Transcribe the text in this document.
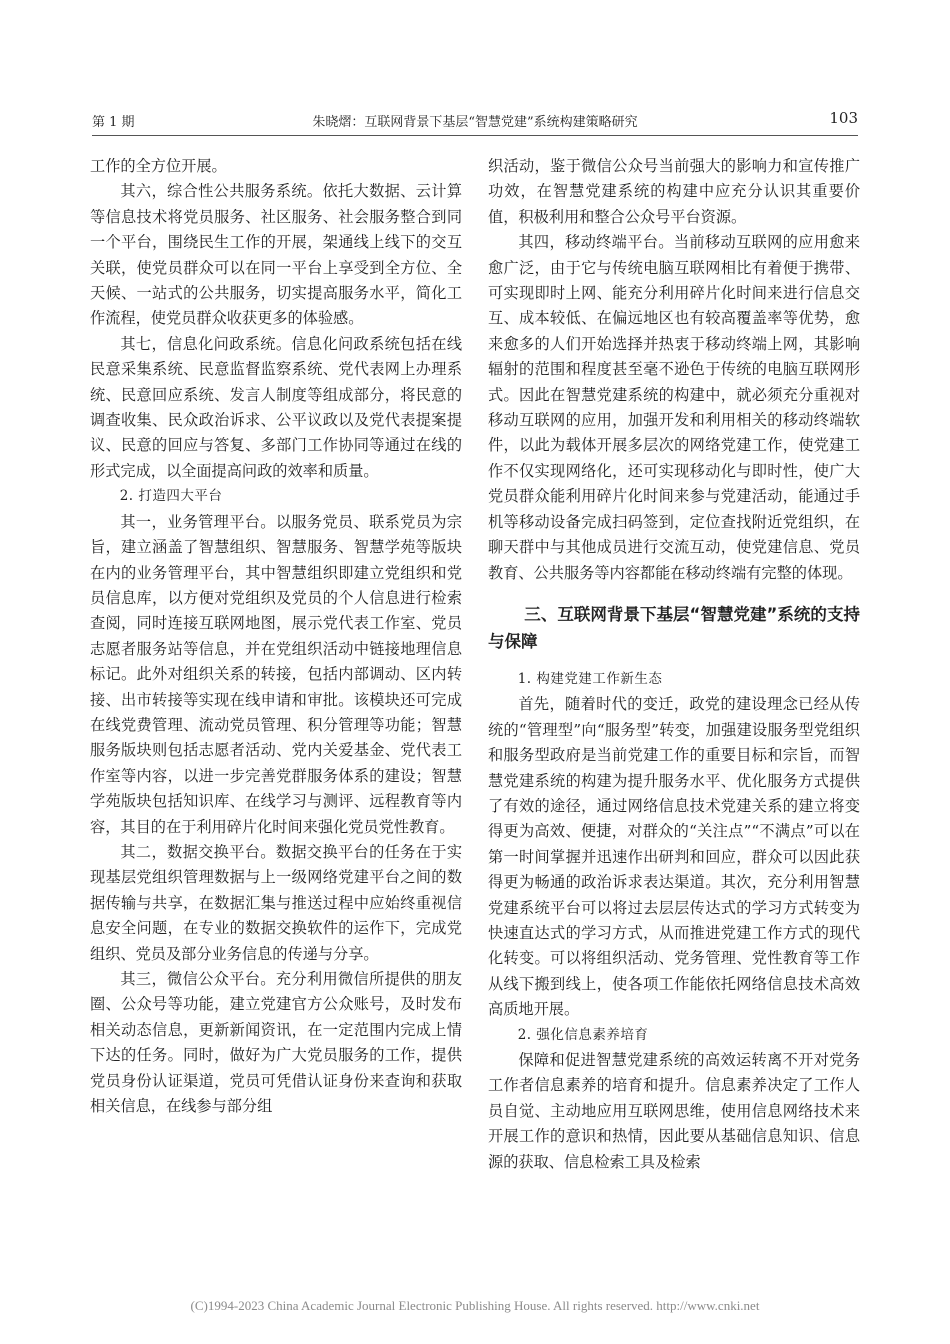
第 1 期	朱晓熠：互联网背景下基层“智慧党建”系统构建策略研究	103

工作的全方位开展。

其六，综合性公共服务系统。依托大数据、云计算等信息技术将党员服务、社区服务、社会服务整合到同一个平台，围绕民生工作的开展，架通线上线下的交互关联，使党员群众可以在同一平台上享受到全方位、全天候、一站式的公共服务，切实提高服务水平，简化工作流程，使党员群众收获更多的体验感。

其七，信息化问政系统。信息化问政系统包括在线民意采集系统、民意监督监察系统、党代表网上办理系统、民意回应系统、发言人制度等组成部分，将民意的调查收集、民众政治诉求、公平议政以及党代表提案提议、民意的回应与答复、多部门工作协同等通过在线的形式完成，以全面提高问政的效率和质量。

2. 打造四大平台

其一，业务管理平台。以服务党员、联系党员为宗旨，建立涵盖了智慧组织、智慧服务、智慧学苑等版块在内的业务管理平台，其中智慧组织即建立党组织和党员信息库，以方便对党组织及党员的个人信息进行检索查阅，同时连接互联网地图，展示党代表工作室、党员志愿者服务站等信息，并在党组织活动中链接地理信息标记。此外对组织关系的转接，包括内部调动、区内转接、出市转接等实现在线申请和审批。该模块还可完成在线党费管理、流动党员管理、积分管理等功能；智慧服务版块则包括志愿者活动、党内关爱基金、党代表工作室等内容，以进一步完善党群服务体系的建设；智慧学苑版块包括知识库、在线学习与测评、远程教育等内容，其目的在于利用碎片化时间来强化党员党性教育。

其二，数据交换平台。数据交换平台的任务在于实现基层党组织管理数据与上一级网络党建平台之间的数据传输与共享，在数据汇集与推送过程中应始终重视信息安全问题，在专业的数据交换软件的运作下，完成党组织、党员及部分业务信息的传递与分享。

其三，微信公众平台。充分利用微信所提供的朋友圈、公众号等功能，建立党建官方公众账号，及时发布相关动态信息，更新新闻资讯，在一定范围内完成上情下达的任务。同时，做好为广大党员服务的工作，提供党员身份认证渠道，党员可凭借认证身份来查询和获取相关信息，在线参与部分组

织活动，鉴于微信公众号当前强大的影响力和宣传推广功效，在智慧党建系统的构建中应充分认识其重要价值，积极利用和整合公众号平台资源。

其四，移动终端平台。当前移动互联网的应用愈来愈广泛，由于它与传统电脑互联网相比有着便于携带、可实现即时上网、能充分利用碎片化时间来进行信息交互、成本较低、在偏远地区也有较高覆盖率等优势，愈来愈多的人们开始选择并热衷于移动终端上网，其影响辐射的范围和程度甚至毫不逊色于传统的电脑互联网形式。因此在智慧党建系统的构建中，就必须充分重视对移动互联网的应用，加强开发和利用相关的移动终端软件，以此为载体开展多层次的网络党建工作，使党建工作不仅实现网络化，还可实现移动化与即时性，使广大党员群众能利用碎片化时间来参与党建活动，能通过手机等移动设备完成扫码签到，定位查找附近党组织，在聊天群中与其他成员进行交流互动，使党建信息、党员教育、公共服务等内容都能在移动终端有完整的体现。

三、互联网背景下基层“智慧党建”系统的支持与保障
1. 构建党建工作新生态

首先，随着时代的变迁，政党的建设理念已经从传统的“管理型”向“服务型”转变，加强建设服务型党组织和服务型政府是当前党建工作的重要目标和宗旨，而智慧党建系统的构建为提升服务水平、优化服务方式提供了有效的途径，通过网络信息技术党建关系的建立将变得更为高效、便捷，对群众的“关注点”“不满点”可以在第一时间掌握并迅速作出研判和回应，群众可以因此获得更为畅通的政治诉求表达渠道。其次，充分利用智慧党建系统平台可以将过去层层传达式的学习方式转变为快速直达式的学习方式，从而推进党建工作方式的现代化转变。可以将组织活动、党务管理、党性教育等工作从线下搬到线上，使各项工作能依托网络信息技术高效高质地开展。

2. 强化信息素养培育

保障和促进智慧党建系统的高效运转离不开对党务工作者信息素养的培育和提升。信息素养决定了工作人员自觉、主动地应用互联网思维，使用信息网络技术来开展工作的意识和热情，因此要从基础信息知识、信息源的获取、信息检索工具及检索

(C)1994-2023 China Academic Journal Electronic Publishing House. All rights reserved. http://www.cnki.net
